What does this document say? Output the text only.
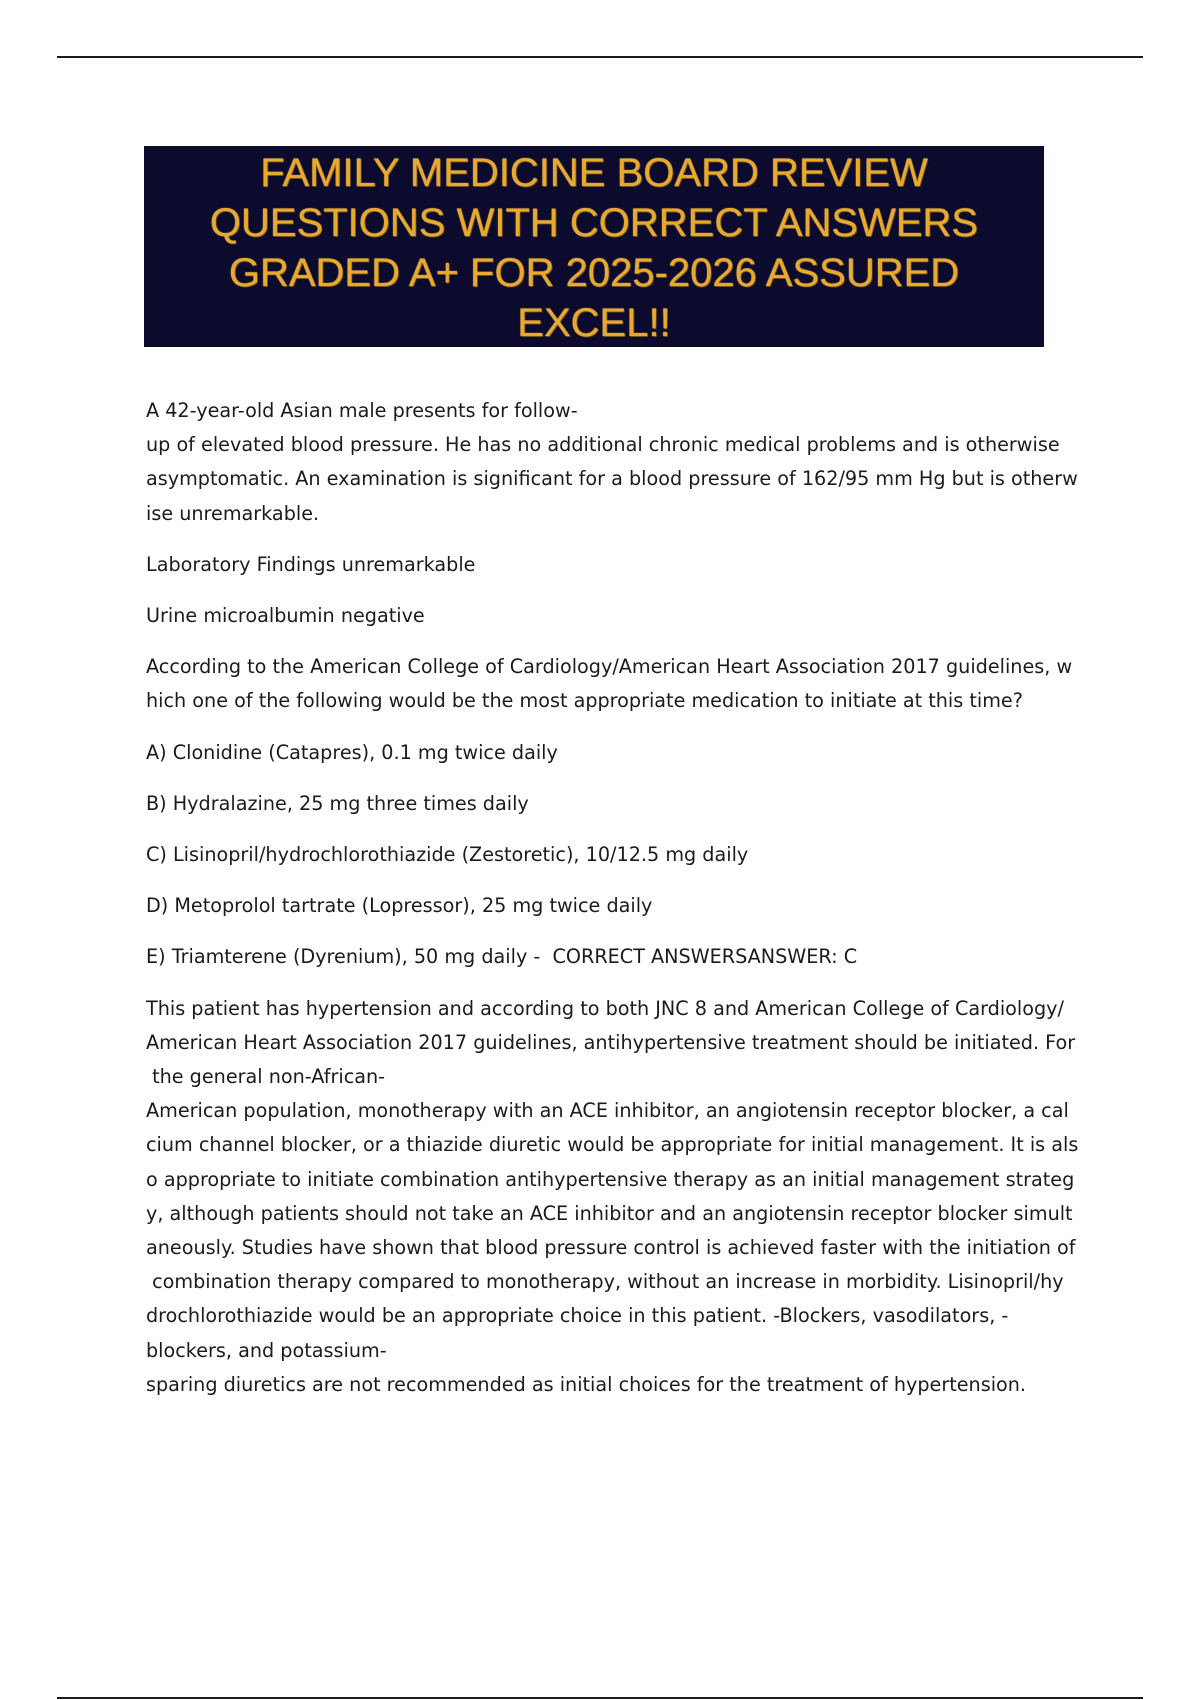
FAMILY MEDICINE BOARD REVIEW
QUESTIONS WITH CORRECT ANSWERS
GRADED A+ FOR 2025-2026 ASSURED
EXCEL!!

A 42-year-old Asian male presents for follow-
up of elevated blood pressure. He has no additional chronic medical problems and is otherwise
asymptomatic. An examination is significant for a blood pressure of 162/95 mm Hg but is otherw
ise unremarkable.

Laboratory Findings unremarkable

Urine microalbumin negative

According to the American College of Cardiology/American Heart Association 2017 guidelines, w
hich one of the following would be the most appropriate medication to initiate at this time?

A) Clonidine (Catapres), 0.1 mg twice daily

B) Hydralazine, 25 mg three times daily

C) Lisinopril/hydrochlorothiazide (Zestoretic), 10/12.5 mg daily

D) Metoprolol tartrate (Lopressor), 25 mg twice daily

E) Triamterene (Dyrenium), 50 mg daily -  CORRECT ANSWERSANSWER: C

This patient has hypertension and according to both JNC 8 and American College of Cardiology/
American Heart Association 2017 guidelines, antihypertensive treatment should be initiated. For
the general non-African-
American population, monotherapy with an ACE inhibitor, an angiotensin receptor blocker, a cal
cium channel blocker, or a thiazide diuretic would be appropriate for initial management. It is als
o appropriate to initiate combination antihypertensive therapy as an initial management strateg
y, although patients should not take an ACE inhibitor and an angiotensin receptor blocker simult
aneously. Studies have shown that blood pressure control is achieved faster with the initiation of
combination therapy compared to monotherapy, without an increase in morbidity. Lisinopril/hy
drochlorothiazide would be an appropriate choice in this patient. -Blockers, vasodilators, -
blockers, and potassium-
sparing diuretics are not recommended as initial choices for the treatment of hypertension.
